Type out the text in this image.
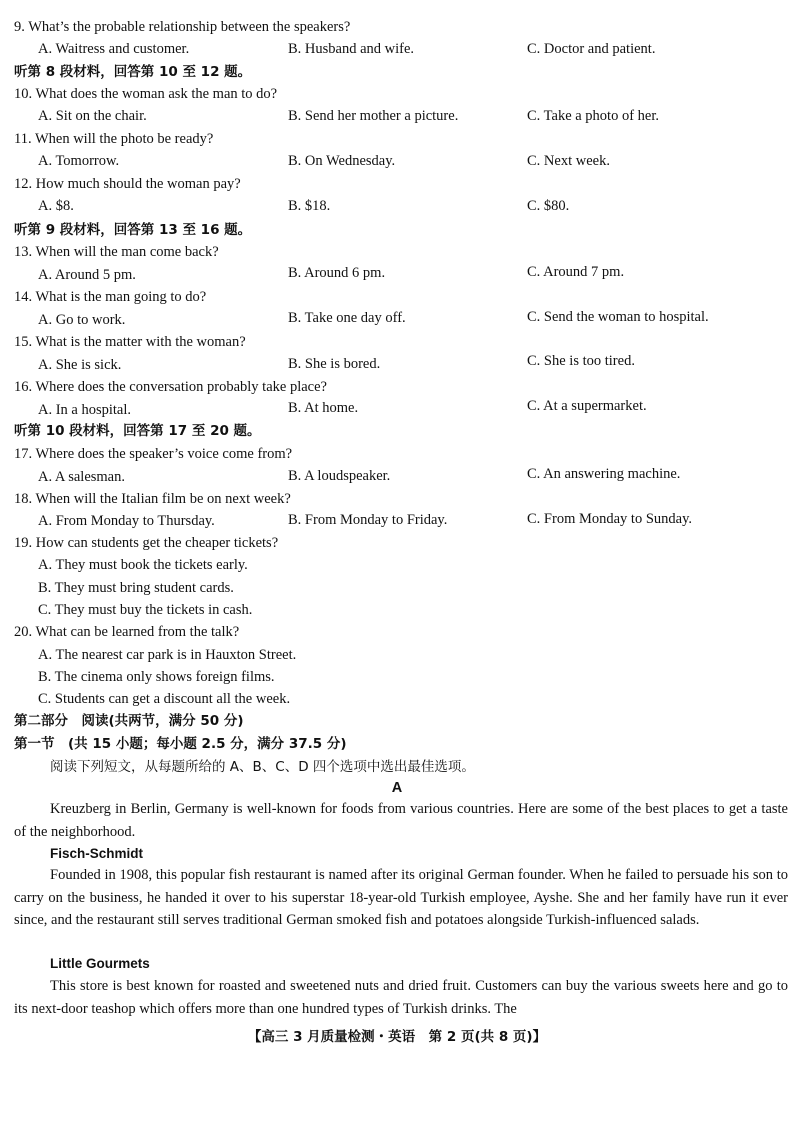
9. What’s the probable relationship between the speakers?
A. Waitress and customer.	B. Husband and wife.	C. Doctor and patient.
听第 8 段材料，回答第 10 至 12 题。
10. What does the woman ask the man to do?
A. Sit on the chair.	B. Send her mother a picture.	C. Take a photo of her.
11. When will the photo be ready?
A. Tomorrow.	B. On Wednesday.	C. Next week.
12. How much should the woman pay?
A. $8.	B. $18.	C. $80.
听第 9 段材料，回答第 13 至 16 题。
13. When will the man come back?
A. Around 5 pm.	B. Around 6 pm.	C. Around 7 pm.
14. What is the man going to do?
A. Go to work.	B. Take one day off.	C. Send the woman to hospital.
15. What is the matter with the woman?
A. She is sick.	B. She is bored.	C. She is too tired.
16. Where does the conversation probably take place?
A. In a hospital.	B. At home.	C. At a supermarket.
听第 10 段材料，回答第 17 至 20 题。
17. Where does the speaker’s voice come from?
A. A salesman.	B. A loudspeaker.	C. An answering machine.
18. When will the Italian film be on next week?
A. From Monday to Thursday.	B. From Monday to Friday.	C. From Monday to Sunday.
19. How can students get the cheaper tickets?
A. They must book the tickets early.
B. They must bring student cards.
C. They must buy the tickets in cash.
20. What can be learned from the talk?
A. The nearest car park is in Hauxton Street.
B. The cinema only shows foreign films.
C. Students can get a discount all the week.
第二部分　阅读(共两节，满分 50 分)
第一节　(共 15 小题；每小题 2.5 分，满分 37.5 分)
阅读下列短文，从每题所给的 A、B、C、D 四个选项中选出最佳选项。
A
Kreuzberg in Berlin, Germany is well-known for foods from various countries. Here are some of the best places to get a taste of the neighborhood.
Fisch-Schmidt
Founded in 1908, this popular fish restaurant is named after its original German founder. When he failed to persuade his son to carry on the business, he handed it over to his superstar 18-year-old Turkish employee, Ayshe. She and her family have run it ever since, and the restaurant still serves traditional German smoked fish and potatoes alongside Turkish-influenced salads.
Little Gourmets
This store is best known for roasted and sweetened nuts and dried fruit. Customers can buy the various sweets here and go to its next-door teashop which offers more than one hundred types of Turkish drinks. The
【高三 3 月质量检测・英语　第 2 页(共 8 页)】
